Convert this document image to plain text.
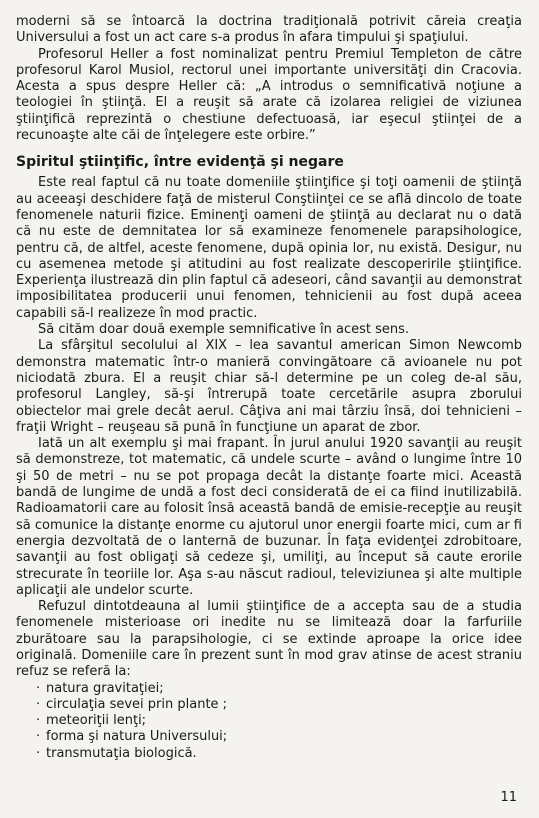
moderni să se întoarcă la doctrina tradiţională potrivit căreia creaţia Universului a fost un act care s-a produs în afara timpului şi spaţiului.

Profesorul Heller a fost nominalizat pentru Premiul Templeton de către profesorul Karol Musiol, rectorul unei importante universităţi din Cracovia. Acesta a spus despre Heller că: „A introdus o semnificativă noţiune a teologiei în ştiinţă. El a reuşit să arate că izolarea religiei de viziunea ştiinţifică reprezintă o chestiune defectuoasă, iar eşecul ştiinţei de a recunoaşte alte căi de înţelegere este orbire.”

Spiritul ştiinţific, între evidenţă şi negare

Este real faptul că nu toate domeniile ştiinţifice şi toţi oamenii de ştiinţă au aceeaşi deschidere faţă de misterul Conştiinţei ce se află dincolo de toate fenomenele naturii fizice. Eminenţi oameni de ştiinţă au declarat nu o dată că nu este de demnitatea lor să examineze fenomenele parapsihologice, pentru că, de altfel, aceste fenomene, după opinia lor, nu există. Desigur, nu cu asemenea metode şi atitudini au fost realizate descoperirile ştiinţifice. Experienţa ilustrează din plin faptul că adeseori, când savanţii au demonstrat imposibilitatea producerii unui fenomen, tehnicienii au fost după aceea capabili să-l realizeze în mod practic.

Să cităm doar două exemple semnificative în acest sens.

La sfârşitul secolului al XIX – lea savantul american Simon Newcomb demonstra matematic într-o manieră convingătoare că avioanele nu pot niciodată zbura. El a reuşit chiar să-l determine pe un coleg de-al său, profesorul Langley, să-şi întrerupă toate cercetările asupra zborului obiectelor mai grele decât aerul. Câţiva ani mai târziu însă, doi tehnicieni – fraţii Wright – reuşeau să pună în funcţiune un aparat de zbor.

Iată un alt exemplu şi mai frapant. În jurul anului 1920 savanţii au reuşit să demonstreze, tot matematic, că undele scurte – având o lungime între 10 şi 50 de metri – nu se pot propaga decât la distanţe foarte mici. Această bandă de lungime de undă a fost deci considerată de ei ca fiind inutilizabilă. Radioamatorii care au folosit însă această bandă de emisie-recepţie au reuşit să comunice la distanţe enorme cu ajutorul unor energii foarte mici, cum ar fi energia dezvoltată de o lanternă de buzunar. În faţa evidenţei zdrobitoare, savanţii au fost obligaţi să cedeze şi, umiliţi, au început să caute erorile strecurate în teoriile lor. Aşa s-au născut radioul, televiziunea şi alte multiple aplicaţii ale undelor scurte.

Refuzul dintotdeauna al lumii ştiinţifice de a accepta sau de a studia fenomenele misterioase ori inedite nu se limitează doar la farfuriile zburătoare sau la parapsihologie, ci se extinde aproape la orice idee originală. Domeniile care în prezent sunt în mod grav atinse de acest straniu refuz se referă la:

· natura gravitaţiei;
· circulaţia sevei prin plante ;
· meteoriţii lenţi;
· forma şi natura Universului;
· transmutaţia biologică.
11
